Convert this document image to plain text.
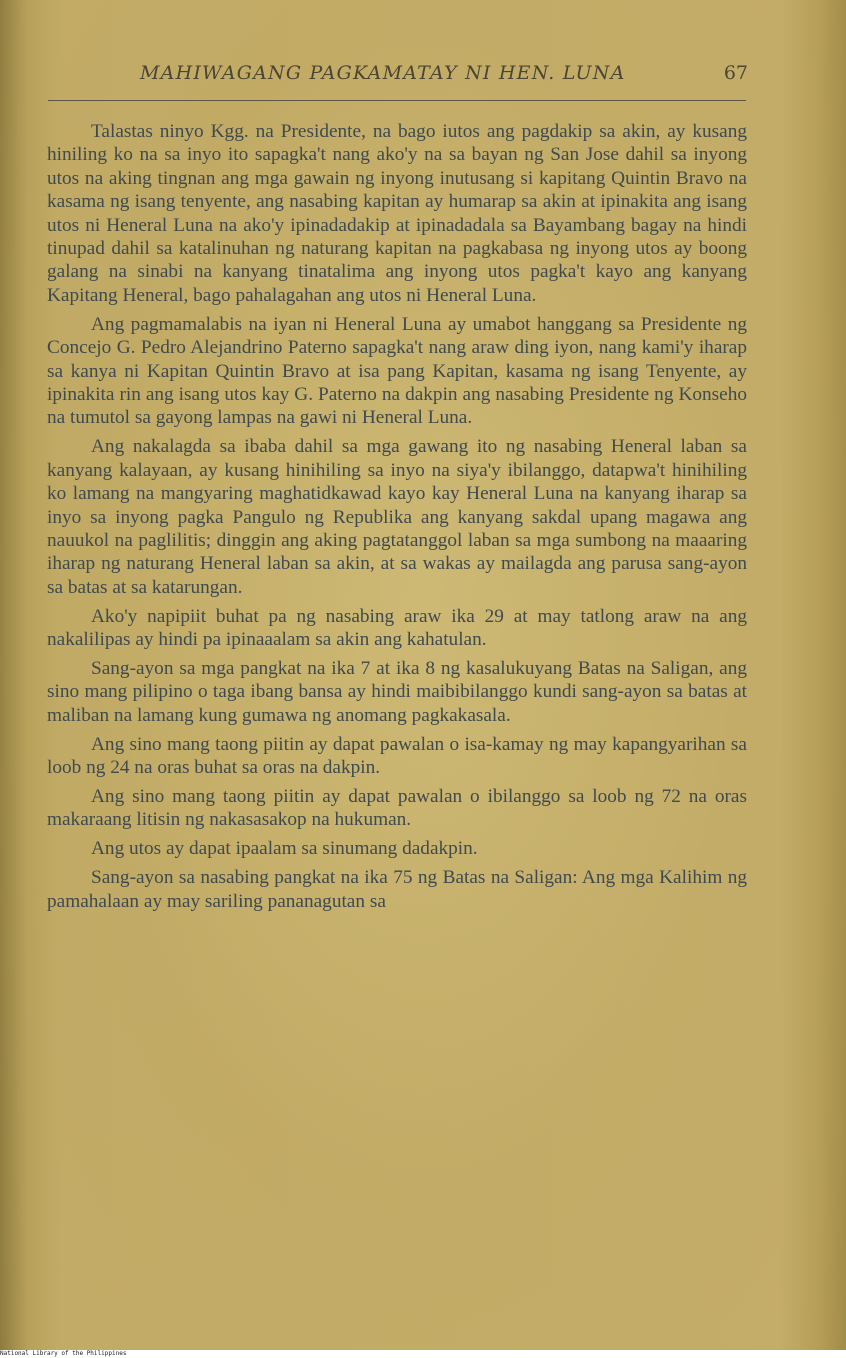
MAHIWAGANG PAGKAMATAY NI HEN. LUNA	67

Talastas ninyo Kgg. na Presidente, na bago iutos ang pagdakip sa akin, ay kusang hiniling ko na sa inyo ito sapagka't nang ako'y na sa bayan ng San Jose dahil sa inyong utos na aking tingnan ang mga gawain ng inyong inutusang si kapitang Quintin Bravo na kasama ng isang tenyente, ang nasabing kapitan ay humarap sa akin at ipinakita ang isang utos ni Heneral Luna na ako'y ipinadadakip at ipinadadala sa Bayambang bagay na hindi tinupad dahil sa katalinuhan ng naturang kapitan na pagkabasa ng inyong utos ay boong galang na sinabi na kanyang tinatalima ang inyong utos pagka't kayo ang kanyang Kapitang Heneral, bago pahalagahan ang utos ni Heneral Luna.

Ang pagmamalabis na iyan ni Heneral Luna ay umabot hanggang sa Presidente ng Concejo G. Pedro Alejandrino Paterno sapagka't nang araw ding iyon, nang kami'y iharap sa kanya ni Kapitan Quintin Bravo at isa pang Kapitan, kasama ng isang Tenyente, ay ipinakita rin ang isang utos kay G. Paterno na dakpin ang nasabing Presidente ng Konseho na tumutol sa gayong lampas na gawi ni Heneral Luna.

Ang nakalagda sa ibaba dahil sa mga gawang ito ng nasabing Heneral laban sa kanyang kalayaan, ay kusang hinihiling sa inyo na siya'y ibilanggo, datapwa't hinihiling ko lamang na mangyaring maghatidkawad kayo kay Heneral Luna na kanyang iharap sa inyo sa inyong pagka Pangulo ng Republika ang kanyang sakdal upang magawa ang nauukol na paglilitis; dinggin ang aking pagtatanggol laban sa mga sumbong na maaaring iharap ng naturang Heneral laban sa akin, at sa wakas ay mailagda ang parusa sang-ayon sa batas at sa katarungan.

Ako'y napipiit buhat pa ng nasabing araw ika 29 at may tatlong araw na ang nakalilipas ay hindi pa ipinaaalam sa akin ang kahatulan.

Sang-ayon sa mga pangkat na ika 7 at ika 8 ng kasalukuyang Batas na Saligan, ang sino mang pilipino o taga ibang bansa ay hindi maibibilanggo kundi sang-ayon sa batas at maliban na lamang kung gumawa ng anomang pagkakasala.

Ang sino mang taong piitin ay dapat pawalan o isa-kamay ng may kapangyarihan sa loob ng 24 na oras buhat sa oras na dakpin.

Ang sino mang taong piitin ay dapat pawalan o ibilanggo sa loob ng 72 na oras makaraang litisin ng nakasasakop na hukuman.

Ang utos ay dapat ipaalam sa sinumang dadakpin.

Sang-ayon sa nasabing pangkat na ika 75 ng Batas na Saligan: Ang mga Kalihim ng pamahalaan ay may sariling pananagutan sa

National Library of the Philippines
